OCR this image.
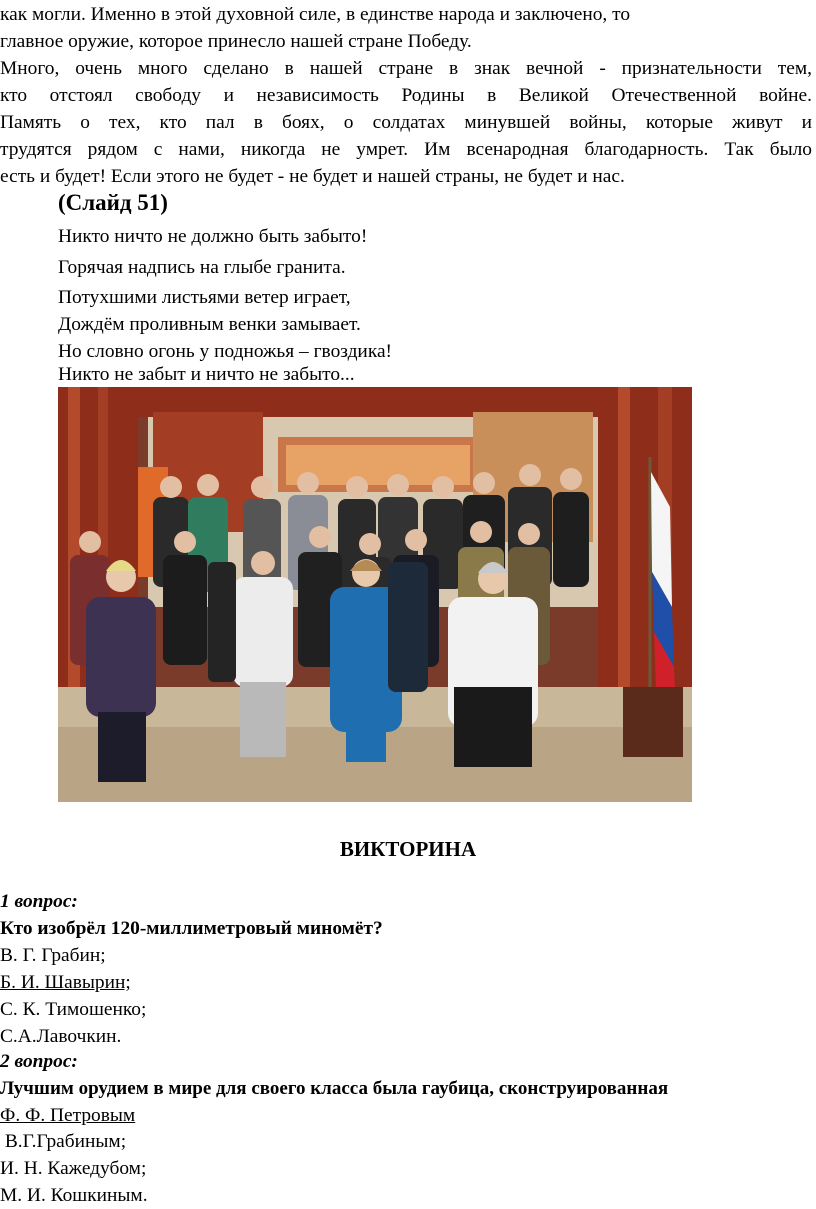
как могли. Именно в этой духовной силе, в единстве народа и заключено, то
главное оружие, которое принесло нашей стране Победу.
Много, очень много сделано в нашей стране в знак вечной - признательности тем,
кто отстоял свободу и независимость Родины в Великой Отечественной войне.
Память о тех, кто пал в боях, о солдатах минувшей войны, которые живут и
трудятся рядом с нами, никогда не умрет. Им всенародная благодарность. Так было
есть и будет! Если этого не будет - не будет и нашей страны, не будет и нас.
(Слайд 51)
Никто ничто не должно быть забыто!
Горячая надпись на глыбе гранита.
Потухшими листьями ветер играет,
Дождём проливным венки замывает.
Но словно огонь у подножья – гвоздика!
Никто не забыт и ничто не забыто...
ВИКТОРИНА
1 вопрос:
Кто изобрёл 120-миллиметровый миномёт?
В. Г. Грабин;
Б. И. Шавырин;
С. К. Тимошенко;
С.А.Лавочкин.
2 вопрос:
Лучшим орудием в мире для своего класса была гаубица, сконструированная
Ф. Ф. Петровым
В.Г.Грабиным;
И. Н. Кажедубом;
М. И. Кошкиным.
